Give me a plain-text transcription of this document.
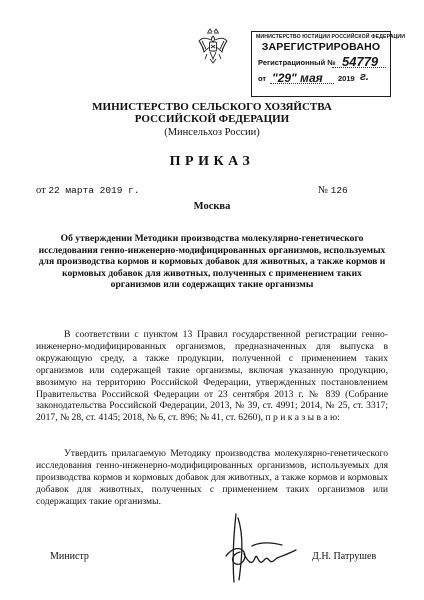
МИНИСТЕРСТВО ЮСТИЦИИ РОССИЙСКОЙ ФЕДЕРАЦИИ
ЗАРЕГИСТРИРОВАНО
Регистрационный № 54779
от "29" мая 2019 г.
МИНИСТЕРСТВО СЕЛЬСКОГО ХОЗЯЙСТВА
РОССИЙСКОЙ ФЕДЕРАЦИИ
(Минсельхоз России)
ПРИКАЗ
от 22 марта 2019 г.	№ 126
Москва
Об утверждении Методики производства молекулярно-генетического исследования генно-инженерно-модифицированных организмов, используемых для производства кормов и кормовых добавок для животных, а также кормов и кормовых добавок для животных, полученных с применением таких организмов или содержащих такие организмы
В соответствии с пунктом 13 Правил государственной регистрации генно-инженерно-модифицированных организмов, предназначенных для выпуска в окружающую среду, а также продукции, полученной с применением таких организмов или содержащей такие организмы, включая указанную продукцию, ввозимую на территорию Российской Федерации, утвержденных постановлением Правительства Российской Федерации от 23 сентября 2013 г. № 839 (Собрание законодательства Российской Федерации, 2013, № 39, ст. 4991; 2014, № 25, ст. 3317; 2017, № 28, ст. 4145; 2018, № 6, ст. 896; № 41, ст. 6260), п р и к а з ы в а ю:
Утвердить прилагаемую Методику производства молекулярно-генетического исследования генно-инженерно-модифицированных организмов, используемых для производства кормов и кормовых добавок для животных, а также кормов и кормовых добавок для животных, полученных с применением таких организмов или содержащих такие организмы.
Министр	Д.Н. Патрушев
